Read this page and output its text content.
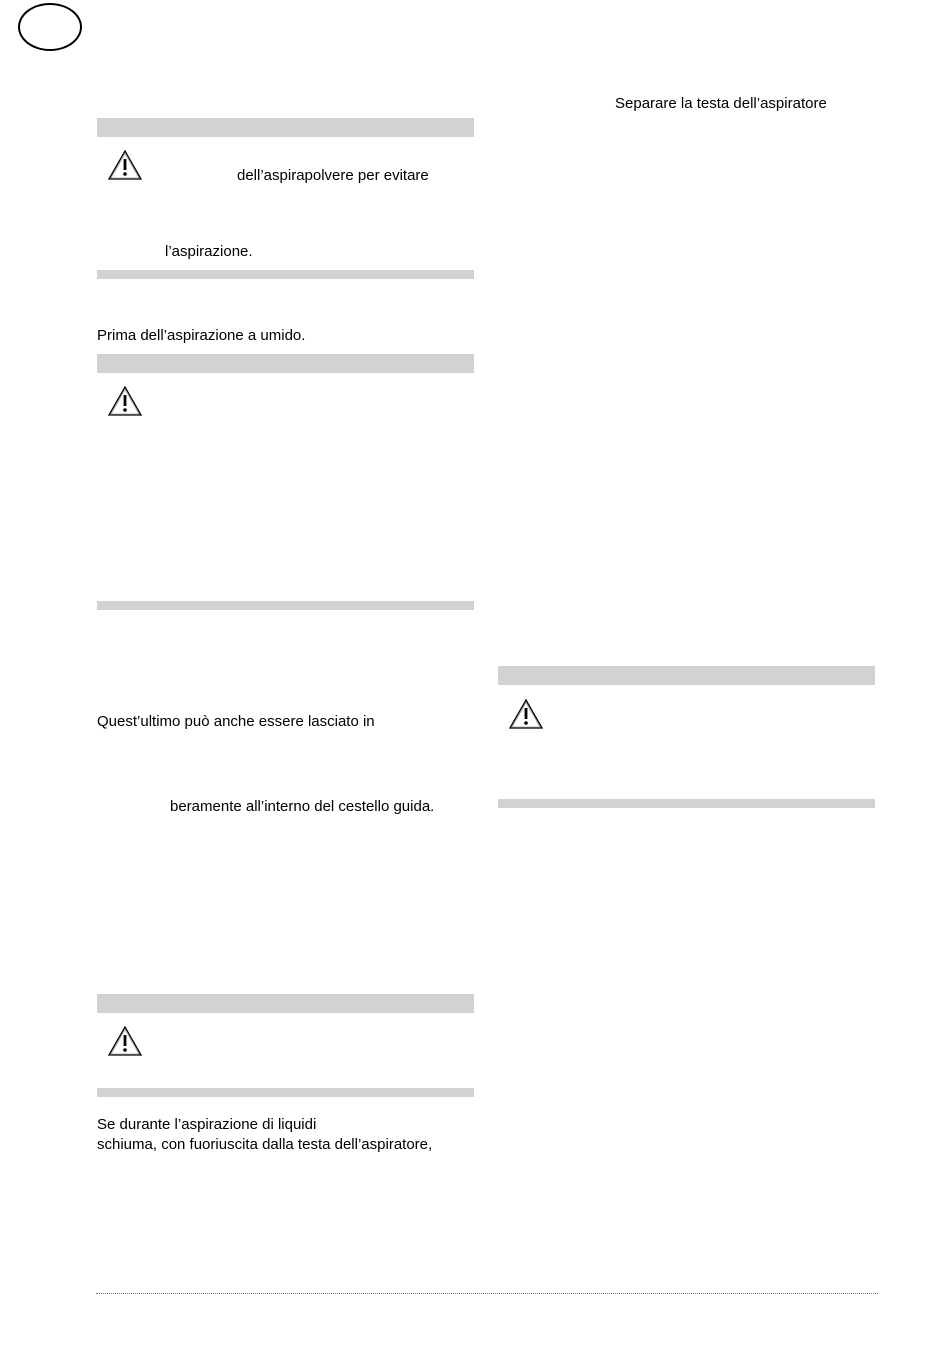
dell’aspirapolvere per evitare
l’aspirazione.
Prima dell’aspirazione a umido.
Quest’ultimo può anche essere lasciato in
beramente all’interno del cestello guida.
Se durante l’aspirazione di liquidi
schiuma, con fuoriuscita dalla testa dell’aspiratore,
Separare la testa dell’aspiratore
